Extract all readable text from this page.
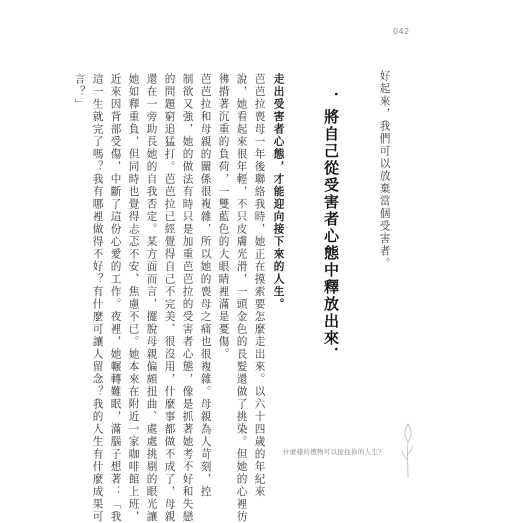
042
好起來，我們可以放棄當個受害者。
．將自己從受害者心態中釋放出來．
走出受害者心態，才能迎向接下來的人生。
芭芭拉喪母一年後聯絡我時，她正在摸索要怎麼走出來。以六十四歲的年紀來
說，她看起來很年輕，不只皮膚光滑，一頭金色的長髮還做了挑染。但她的心裡彷
彿揹著沉重的負荷，一雙藍色的大眼睛裡滿是憂傷。
芭芭拉和母親的關係很複雜，所以她的喪母之痛也很複雜。母親為人苛刻，控
制欲又強，她的做法有時只是加重芭芭拉的受害者心態，像是抓著她考不好和失戀
的問題窮追猛打。芭芭拉已經覺得自己不完美、很沒用，什麼事都做不成了，母親
還在一旁助長她的自我否定。某方面而言，擺脫母親偏頗扭曲、處處挑剔的眼光讓
她如釋重負，但同時也覺得忐忑不安、焦慮不已。她本來在附近一家咖啡館上班，
近來因背部受傷，中斷了這份心愛的工作。夜裡，她輾轉難眠，滿腦子想著：「我
這一生就完了嗎？我有哪裡做得不好？有什麼可讓人留念？我的人生有什麼成果可
言？」
什麼樣的禮物可以接住你的人生？
